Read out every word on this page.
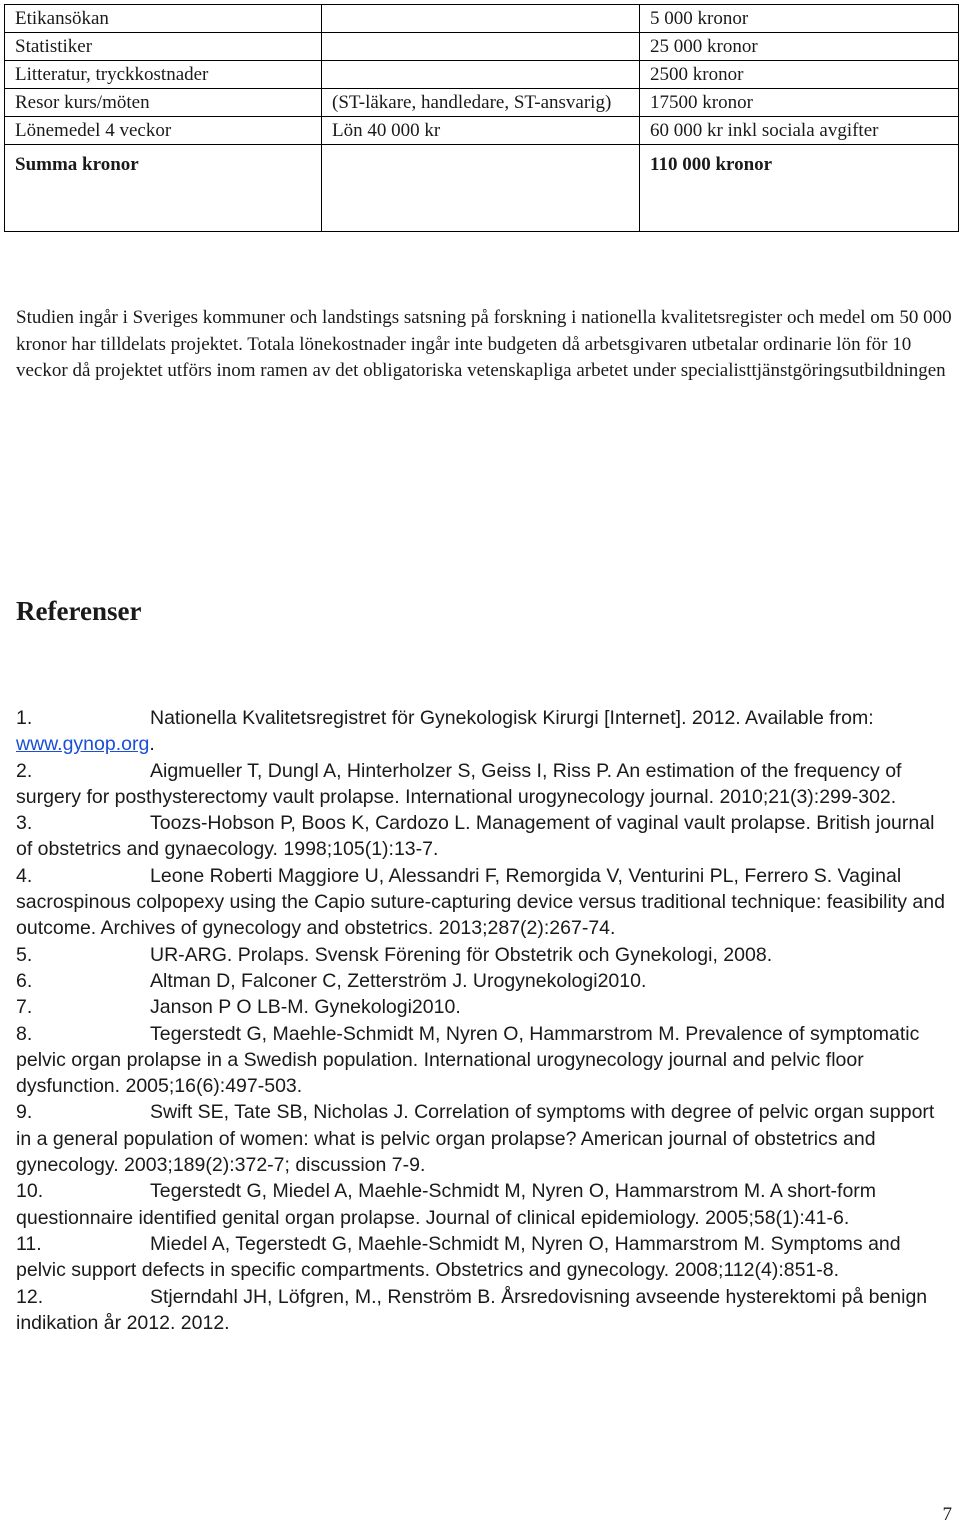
Etikansökan		5 000 kronor
Statistiker		25 000 kronor
Litteratur, tryckkostnader		2500 kronor
Resor kurs/möten	(ST-läkare, handledare, ST-ansvarig)	17500 kronor
Lönemedel 4 veckor	Lön 40 000 kr	60 000 kr inkl sociala avgifter
Summa kronor		110 000 kronor

Studien ingår i Sveriges kommuner och landstings satsning på forskning i nationella kvalitetsregister och medel om 50 000 kronor har tilldelats projektet. Totala lönekostnader ingår inte budgeten då arbetsgivaren utbetalar ordinarie lön för 10 veckor då projektet utförs inom ramen av det obligatoriska vetenskapliga arbetet under specialisttjänstgöringsutbildningen

Referenser
1.	Nationella Kvalitetsregistret för Gynekologisk Kirurgi [Internet]. 2012. Available from: www.gynop.org.
2.	Aigmueller T, Dungl A, Hinterholzer S, Geiss I, Riss P. An estimation of the frequency of surgery for posthysterectomy vault prolapse. International urogynecology journal. 2010;21(3):299-302.
3.	Toozs-Hobson P, Boos K, Cardozo L. Management of vaginal vault prolapse. British journal of obstetrics and gynaecology. 1998;105(1):13-7.
4.	Leone Roberti Maggiore U, Alessandri F, Remorgida V, Venturini PL, Ferrero S. Vaginal sacrospinous colpopexy using the Capio suture-capturing device versus traditional technique: feasibility and outcome. Archives of gynecology and obstetrics. 2013;287(2):267-74.
5.	UR-ARG. Prolaps. Svensk Förening för Obstetrik och Gynekologi, 2008.
6.	Altman D, Falconer C, Zetterström J. Urogynekologi2010.
7.	Janson P O LB-M. Gynekologi2010.
8.	Tegerstedt G, Maehle-Schmidt M, Nyren O, Hammarstrom M. Prevalence of symptomatic pelvic organ prolapse in a Swedish population. International urogynecology journal and pelvic floor dysfunction. 2005;16(6):497-503.
9.	Swift SE, Tate SB, Nicholas J. Correlation of symptoms with degree of pelvic organ support in a general population of women: what is pelvic organ prolapse? American journal of obstetrics and gynecology. 2003;189(2):372-7; discussion 7-9.
10.	Tegerstedt G, Miedel A, Maehle-Schmidt M, Nyren O, Hammarstrom M. A short-form questionnaire identified genital organ prolapse. Journal of clinical epidemiology. 2005;58(1):41-6.
11.	Miedel A, Tegerstedt G, Maehle-Schmidt M, Nyren O, Hammarstrom M. Symptoms and pelvic support defects in specific compartments. Obstetrics and gynecology. 2008;112(4):851-8.
12.	Stjerndahl JH, Löfgren, M., Renström B. Årsredovisning avseende hysterektomi på benign indikation år 2012. 2012.
7
